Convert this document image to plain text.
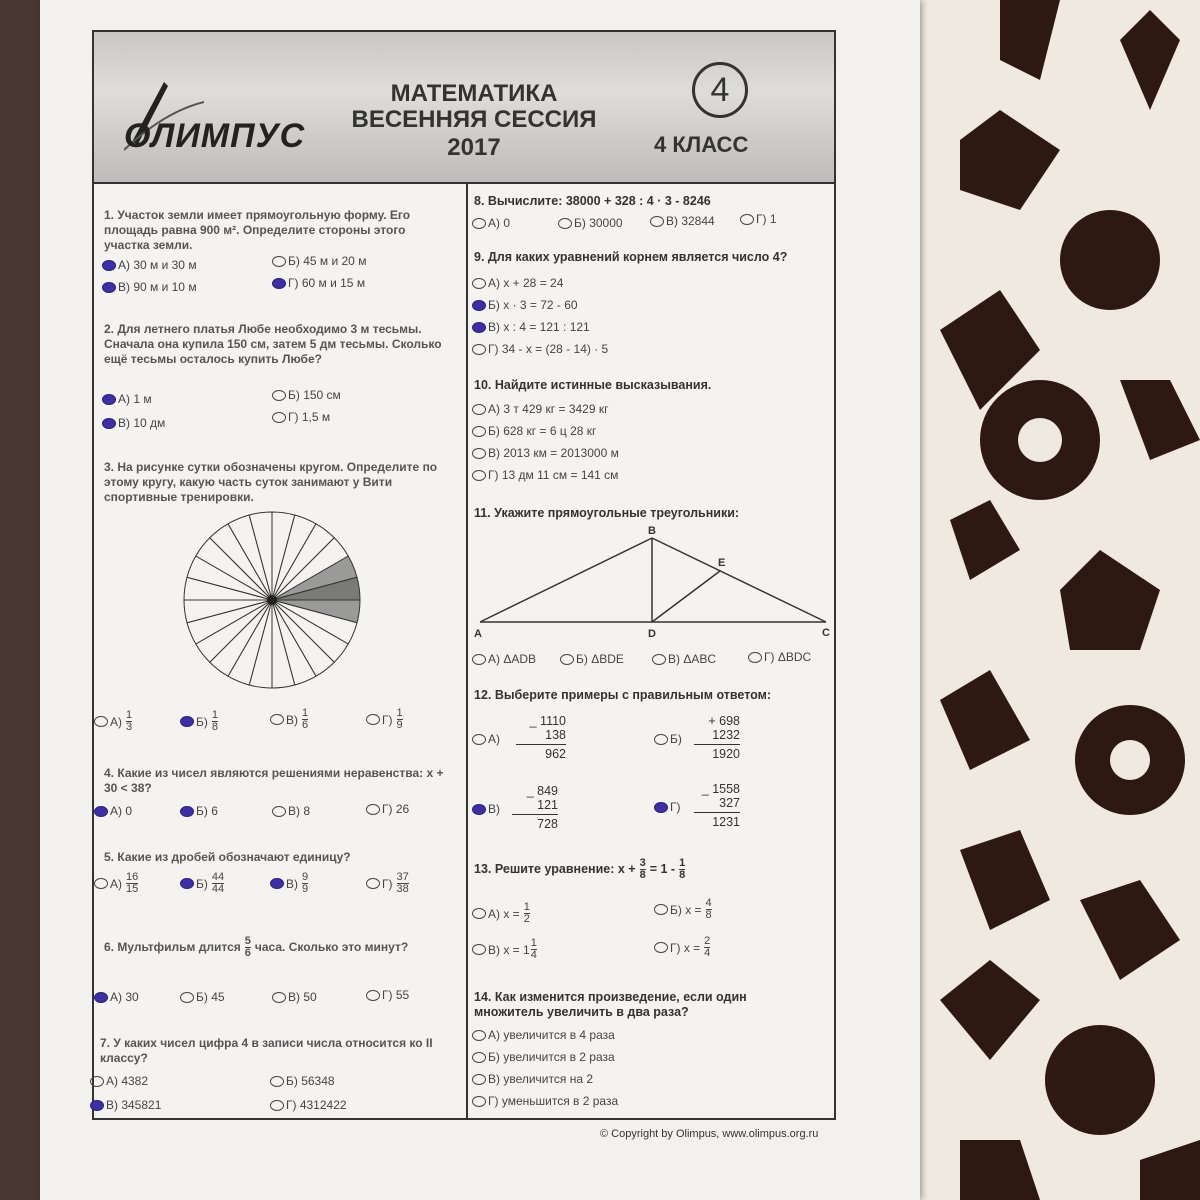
ОЛИМПУС
МАТЕМАТИКА
ВЕСЕННЯЯ СЕССИЯ
2017
4
4 КЛАСС
1. Участок земли имеет прямоугольную форму. Его площадь равна 900 м². Определите стороны этого участка земли.
А) 30 м и 30 м	Б) 45 м и 20 м
В) 90 м и 10 м	Г) 60 м и 15 м
2. Для летнего платья Любе необходимо 3 м тесьмы. Сначала она купила 150 см, затем 5 дм тесьмы. Сколько ещё тесьмы осталось купить Любе?
А) 1 м	Б) 150 см
В) 10 дм	Г) 1,5 м
3. На рисунке сутки обозначены кругом. Определите по этому кругу, какую часть суток занимают у Вити спортивные тренировки.
$А) \frac{1}{3}$	$Б) \frac{1}{8}$	$В) \frac{1}{6}$	$Г) \frac{1}{9}$
4. Какие из чисел являются решениями неравенства: x + 30 < 38?
А) 0	Б) 6	В) 8	Г) 26
5. Какие из дробей обозначают единицу?
$А) \frac{16}{15}$	$Б) \frac{44}{44}$	$В) \frac{9}{9}$	$Г) \frac{37}{38}$
6. Мультфильм длится $\frac{5}{6}$ часа. Сколько это минут?
А) 30	Б) 45	В) 50	Г) 55
7. У каких чисел цифра 4 в записи числа относится ко II классу?
А) 4382	Б) 56348
В) 345821	Г) 4312422
8. Вычислите: 38000 + 328 : 4 · 3 - 8246
А) 0	Б) 30000	В) 32844	Г) 1
9. Для каких уравнений корнем является число 4?
А) x + 28 = 24
Б) x · 3 = 72 - 60
В) x : 4 = 121 : 121
Г) 34 - x = (28 - 14) · 5
10. Найдите истинные высказывания.
А) 3 т 429 кг = 3429 кг
Б) 628 кг = 6 ц 28 кг
В) 2013 км = 2013000 м
Г) 13 дм 11 см = 141 см
11. Укажите прямоугольные треугольники:
B
A	D	C
E
А) ΔADB	Б) ΔBDE	В) ΔABC	Г) ΔBDC
12. Выберите примеры с правильным ответом:
А)
_ 1110
138
962
Б)
+ 698
1232
1920
В)
_ 849
121
728
Г)
_ 1558
327
1231
13. Решите уравнение: $x + \frac{3}{8} = 1 - \frac{1}{8}$
А) $x = \frac{1}{2}$	Б) $x = \frac{4}{8}$
В) $x = 1 \frac{1}{4}$	Г) $x = \frac{2}{4}$
14. Как изменится произведение, если один множитель увеличить в два раза?
А) увеличится в 4 раза
Б) увеличится в 2 раза
В) увеличится на 2
Г) уменьшится в 2 раза
© Copyright by Olimpus, www.olimpus.org.ru
